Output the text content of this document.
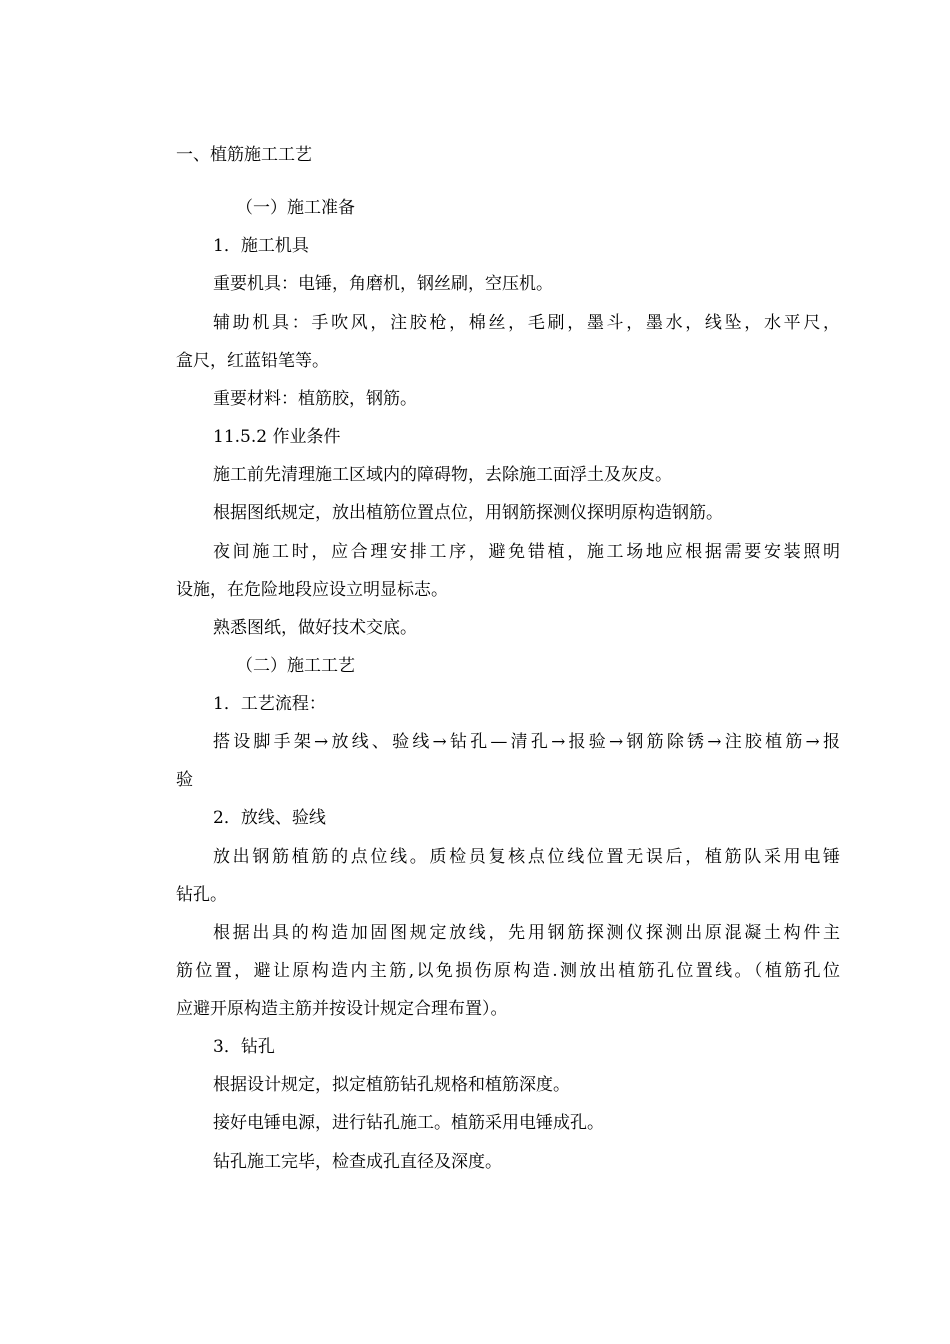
一、植筋施工工艺
（一）施工准备
1．施工机具
重要机具：电锤，角磨机，钢丝刷，空压机。
辅助机具：手吹风，注胶枪，棉丝，毛刷，墨斗，墨水，线坠，水平尺，
盒尺，红蓝铅笔等。
重要材料：植筋胶，钢筋。
11.5.2 作业条件
施工前先清理施工区域内的障碍物，去除施工面浮土及灰皮。
根据图纸规定，放出植筋位置点位，用钢筋探测仪探明原构造钢筋。
夜间施工时，应合理安排工序，避免错植，施工场地应根据需要安装照明
设施，在危险地段应设立明显标志。
熟悉图纸，做好技术交底。
（二）施工工艺
1．工艺流程：
搭设脚手架→放线、验线→钻孔—清孔→报验→钢筋除锈→注胶植筋→报
验
2．放线、验线
放出钢筋植筋的点位线。质检员复核点位线位置无误后，植筋队采用电锤
钻孔。
根据出具的构造加固图规定放线，先用钢筋探测仪探测出原混凝土构件主
筋位置，避让原构造内主筋,以免损伤原构造.测放出植筋孔位置线。（植筋孔位
应避开原构造主筋并按设计规定合理布置）。
3．钻孔
根据设计规定，拟定植筋钻孔规格和植筋深度。
接好电锤电源，进行钻孔施工。植筋采用电锤成孔。
钻孔施工完毕，检查成孔直径及深度。
